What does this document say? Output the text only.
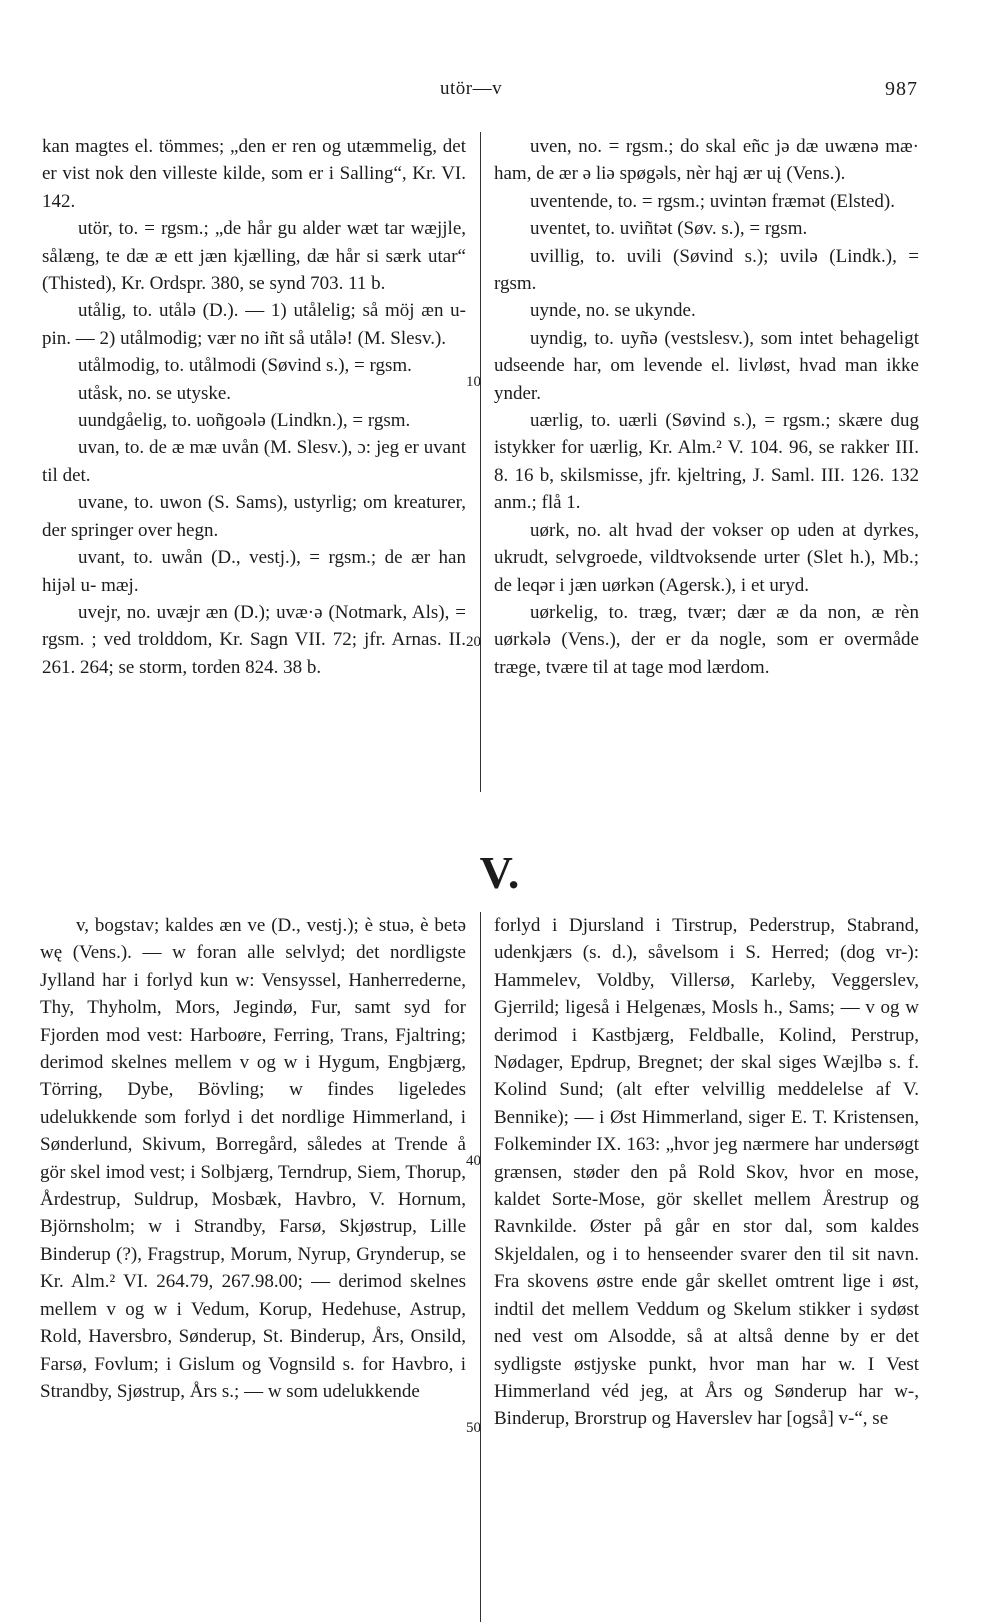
utör—v	987
10
20
40
50

kan magtes el. tömmes; „den er ren og utæmmelig, det er vist nok den villeste kilde, som er i Salling“, Kr. VI. 142.

utör, to. = rgsm.; „de hår gu alder wæt tar wæjjle, sålæng, te dæ æ ett jæn kjælling, dæ hår si særk utar“ (Thisted), Kr. Ordspr. 380, se synd 703. 11 b.

utålig, to. utålə (D.). — 1) utålelig; så möj æn u- pin. — 2) utålmodig; vær no iñt så utålə! (M. Slesv.).

utålmodig, to. utålmodi (Søvind s.), = rgsm.

utåsk, no. se utyske.

uundgåelig, to. uoñgoələ (Lindkn.), = rgsm.

uvan, to. de æ mæ uvån (M. Slesv.), ɔ: jeg er uvant til det.

uvane, to. uwon (S. Sams), ustyrlig; om kreaturer, der springer over hegn.

uvant, to. uwån (D., vestj.), = rgsm.; de ær han hijəl u- mæj.

uvejr, no. uvæjr æn (D.); uvæ·ə (Notmark, Als), = rgsm. ; ved trolddom, Kr. Sagn VII. 72; jfr. Arnas. II. 261. 264; se storm, torden 824. 38 b.

uven, no. = rgsm.; do skal eñc jə dæ uwænə mæ· ham, de ær ə liə spøgəls, nèr hąj ær uį (Vens.).

uventende, to. = rgsm.; uvintən fræmət (Elsted).

uventet, to. uviñtət (Søv. s.), = rgsm.

uvillig, to. uvili (Søvind s.); uvilə (Lindk.), = rgsm.

uynde, no. se ukynde.

uyndig, to. uyñə (vestslesv.), som intet behageligt udseende har, om levende el. livløst, hvad man ikke ynder.

uærlig, to. uærli (Søvind s.), = rgsm.; skære dug istykker for uærlig, Kr. Alm.² V. 104. 96, se rakker III. 8. 16 b, skilsmisse, jfr. kjeltring, J. Saml. III. 126. 132 anm.; flå 1.

uørk, no. alt hvad der vokser op uden at dyrkes, ukrudt, selvgroede, vildtvoksende urter (Slet h.), Mb.; de leqər i jæn uørkən (Agersk.), i et uryd.

uørkelig, to. træg, tvær; dær æ da non, æ rèn uørkələ (Vens.), der er da nogle, som er overmåde træge, tvære til at tage mod lærdom.

V.

v, bogstav; kaldes æn ve (D., vestj.); è stuə, è betə wę (Vens.). — w foran alle selvlyd; det nordligste Jylland har i forlyd kun w: Vensyssel, Hanherrederne, Thy, Thyholm, Mors, Jegindø, Fur, samt syd for Fjorden mod vest: Harboøre, Ferring, Trans, Fjaltring; derimod skelnes mellem v og w i Hygum, Engbjærg, Törring, Dybe, Bövling; w findes ligeledes udelukkende som forlyd i det nordlige Himmerland, i Sønderlund, Skivum, Borregård, således at Trende å gör skel imod vest; i Solbjærg, Terndrup, Siem, Thorup, Årdestrup, Suldrup, Mosbæk, Havbro, V. Hornum, Björnsholm; w i Strandby, Farsø, Skjøstrup, Lille Binderup (?), Fragstrup, Morum, Nyrup, Gryndeгup, se Kr. Alm.² VI. 264.79, 267.98.00; — derimod skelnes mellem v og w i Vedum, Korup, Hedehuse, Astrup, Rold, Haversbro, Sønderup, St. Binderup, Års, Onsild, Farsø, Fovlum; i Gislum og Vognsild s. for Havbro, i Strandby, Sjøstrup, Års s.; — w som udelukkende

forlyd i Djursland i Tirstrup, Pederstrup, Stabrand, udenkjærs (s. d.), såvelsom i S. Herred; (dog vr-): Hammelev, Voldby, Villersø, Karleby, Veggerslev, Gjerrild; ligeså i Helgenæs, Mosls h., Sams; — v og w derimod i Kastbjærg, Feldballe, Kolind, Perstrup, Nødager, Epdrup, Bregnet; der skal siges Wæjlbə s. f. Kolind Sund; (alt efter velvillig meddelelse af V. Bennike); — i Øst Himmerland, siger E. T. Kristensen, Folkeminder IX. 163: „hvor jeg nærmere har undersøgt grænsen, støder den på Rold Skov, hvor en mose, kaldet Sorte-Mose, gör skellet mellem Årestrup og Ravnkilde. Øster på går en stor dal, som kaldes Skjeldalen, og i to henseender svarer den til sit navn. Fra skovens østre ende går skellet omtrent lige i øst, indtil det mellem Veddum og Skelum stikker i sydøst ned vest om Alsodde, så at altså denne by er det sydligste østjyske punkt, hvor man har w. I Vest Himmerland véd jeg, at Års og Sønderup har w-, Binderup, Brorstrup og Haverslev har [også] v-“, se
